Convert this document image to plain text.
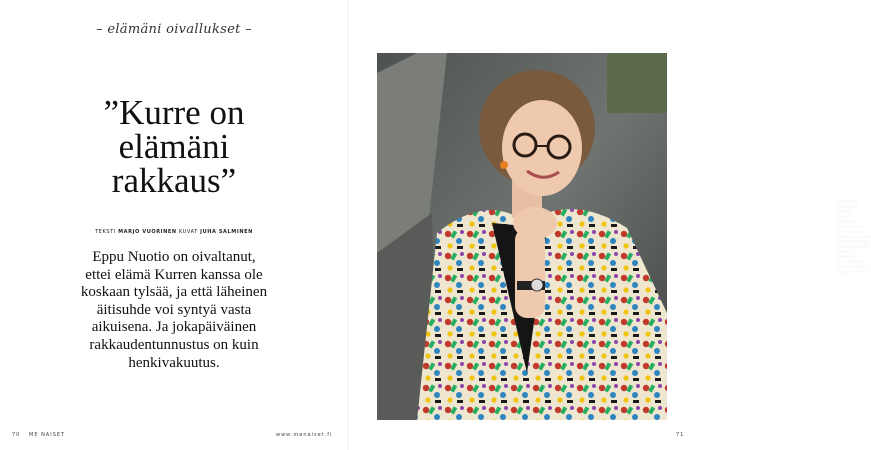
– elämäni oivallukset –
”Kurre on
elämäni
rakkaus”
TEKSTI MARJO VUORINEN KUVAT JUHA SALMINEN
Eppu Nuotio on oivaltanut,
ettei elämä Kurren kanssa ole
koskaan tylsää, ja että läheinen
äitisuhde voi syntyä vasta
aikuisena. Ja jokapäiväinen
rakkaudentunnustus on kuin
henkivakuutus.
70 ME NAISET	www.menaiset.fi	71
”Meillä oli
Berliinissä kaimen
naisen samppan-
jan ja oivasuru
giin. Teimme
toistemme luona
paarsi projekteja
ja joimme niiden
jälkeen samppan-
jaa – jo paljon
suuttumatta!”
Eppu muistelee.
